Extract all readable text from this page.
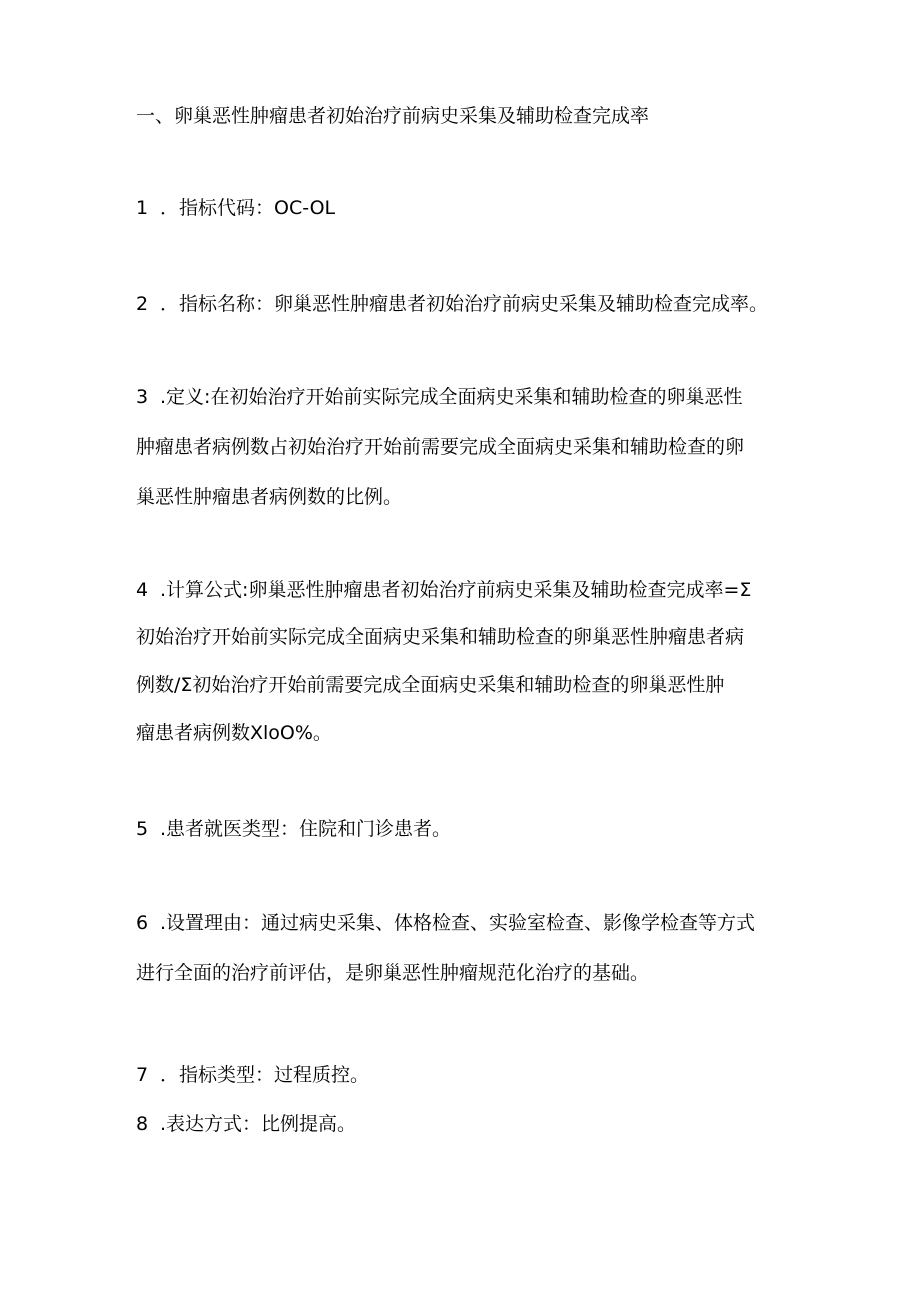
一、卵巢恶性肿瘤患者初始治疗前病史采集及辅助检查完成率
1 ．指标代码：OC-OL
2 ．指标名称：卵巢恶性肿瘤患者初始治疗前病史采集及辅助检查完成率。
3 .定义:在初始治疗开始前实际完成全面病史采集和辅助检查的卵巢恶性
肿瘤患者病例数占初始治疗开始前需要完成全面病史采集和辅助检查的卵
巢恶性肿瘤患者病例数的比例。
4 .计算公式:卵巢恶性肿瘤患者初始治疗前病史采集及辅助检查完成率=Σ
初始治疗开始前实际完成全面病史采集和辅助检查的卵巢恶性肿瘤患者病
例数/Σ初始治疗开始前需要完成全面病史采集和辅助检查的卵巢恶性肿
瘤患者病例数XloO%。
5 .患者就医类型：住院和门诊患者。
6 .设置理由：通过病史采集、体格检查、实验室检查、影像学检查等方式
进行全面的治疗前评估，是卵巢恶性肿瘤规范化治疗的基础。
7 ．指标类型：过程质控。
8 .表达方式：比例提高。
